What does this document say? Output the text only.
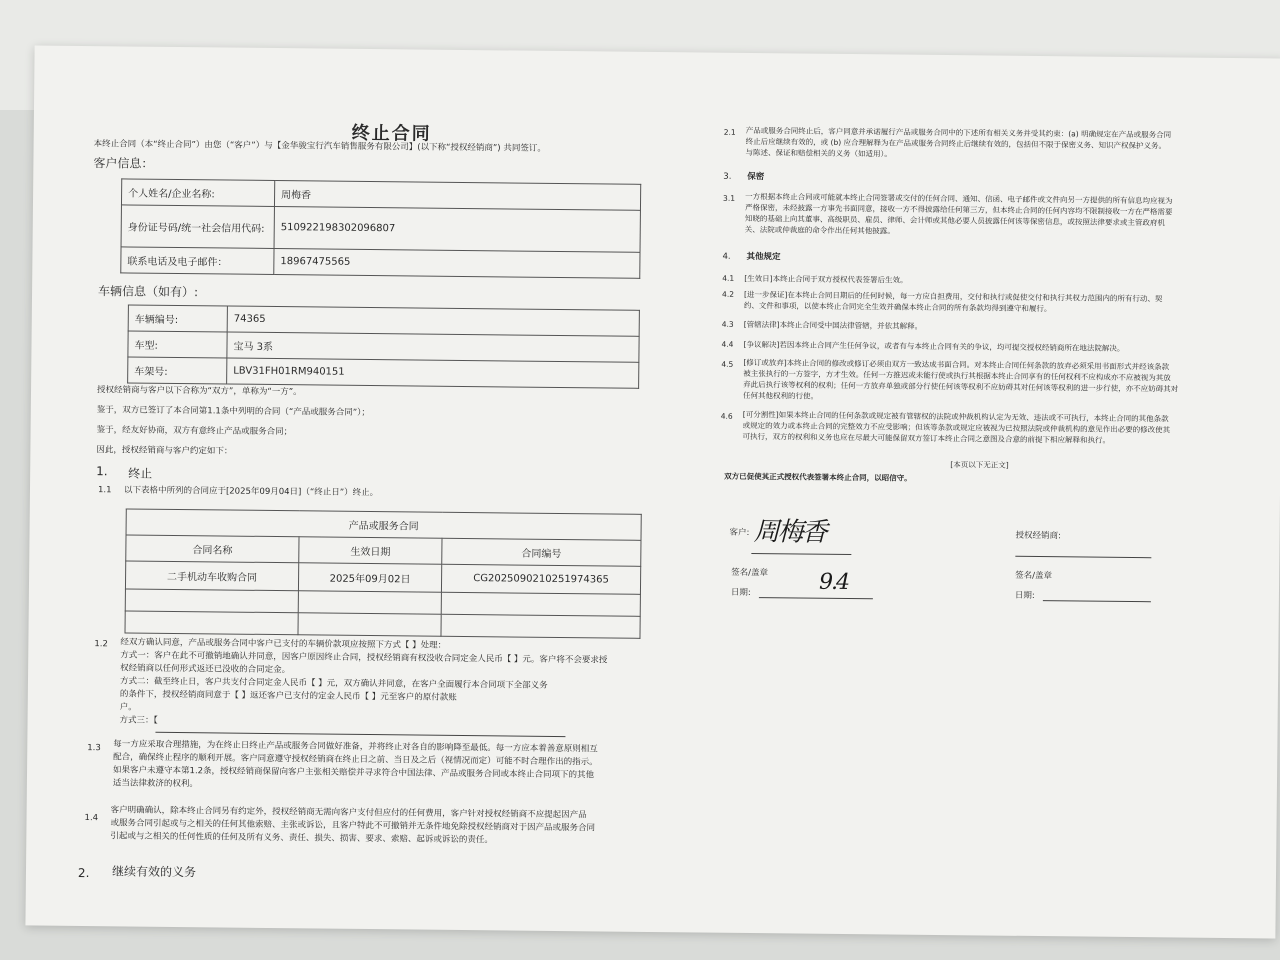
终止合同
本终止合同（本“终止合同”）由您（“客户”）与【金华骏宝行汽车销售服务有限公司】(以下称“授权经销商”) 共同签订。
客户信息：
个人姓名/企业名称:	周梅香
身份证号码/统一社会信用代码:	510922198302096807
联系电话及电子邮件：	18967475565
车辆信息（如有）:
车辆编号:	74365
车型:	宝马 3系
车架号:	LBV31FH01RM940151
授权经销商与客户以下合称为“双方”，单称为“一方”。
鉴于，双方已签订了本合同第1.1条中列明的合同（“产品或服务合同”）；
鉴于，经友好协商，双方有意终止产品或服务合同；
因此，授权经销商与客户约定如下：
1. 终止
1.1 以下表格中所列的合同应于[2025年09月04日]（“终止日”）终止。
产品或服务合同		
合同名称	生效日期	合同编号
二手机动车收购合同	2025年09月02日	CG202509021025197436​5

1.2 经双方确认同意，产品或服务合同中客户已支付的车辆价款项应按照下方式【 】处理：
方式一：客户在此不可撤销地确认并同意，因客户原因终止合同，授权经销商有权没收合同定金人民币【 】元。客户将不会要求授
权经销商以任何形式返还已没收的合同定金。
方式二：截至终止日，客户共支付合同定金人民币【 】元，双方确认并同意，在客户全面履行本合同项下全部义务
的条件下，授权经销商同意于【 】返还客户已支付的定金人民币【 】元至客户的原付款账
户。
方式三：【
1.3 每一方应采取合理措施，为在终止日终止产品或服务合同做好准备，并将终止对各自的影响降至最低。每一方应本着善意原则相互
配合，确保终止程序的顺利开展。客户同意遵守授权经销商在终止日之前、当日及之后（视情况而定）可能不时合理作出的指示。
如果客户未遵守本第1.2条，授权经销商保留向客户主张相关赔偿并寻求符合中国法律、产品或服务合同或本终止合同项下的其他
适当法律救济的权利。
1.4 客户明确确认，除本终止合同另有约定外，授权经销商无需向客户支付但应付的任何费用，客户针对授权经销商不应提起因产品
或服务合同引起或与之相关的任何其他索赔、主张或诉讼，且客户特此不可撤销并无条件地免除授权经销商对于因产品或服务合同
引起或与之相关的任何性质的任何及所有义务、责任、损失、损害、要求、索赔、起诉或诉讼的责任。
2. 继续有效的义务
2.1 产品或服务合同终止后，客户同意并承诺履行产品或服务合同中的下述所有相关义务并受其约束：(a) 明确规定在产品或服务合同
终止后应继续有效的，或 (b) 应合理解释为在产品或服务合同终止后继续有效的，包括但不限于保密义务、知识产权保护义务。
与陈述、保证和赔偿相关的义务（如适用）。
3. 保密
3.1 一方根据本终止合同或可能就本终止合同签署或交付的任何合同、通知、信函、电子邮件或文件向另一方提供的所有信息均应视为
严格保密，未经披露一方事先书面同意，接收一方不得披露给任何第三方，但本终止合同的任何内容均不限制接收一方在严格需要
知晓的基础上向其董事、高级职员、雇员、律师、会计师或其他必要人员披露任何该等保密信息，或按照法律要求或主管政府机
关、法院或仲裁庭的命令作出任何其他披露。
4. 其他规定
4.1 [生效日]本终止合同于双方授权代表签署后生效。
4.2 [进一步保证]在本终止合同日期后的任何时候，每一方应自担费用，交付和执行或促使交付和执行其权力范围内的所有行动、契
约、文件和事项，以使本终止合同完全生效并确保本终止合同的所有条款均得到遵守和履行。
4.3 [管辖法律]本终止合同受中国法律管辖，并依其解释。
4.4 [争议解决]若因本终止合同产生任何争议，或者有与本终止合同有关的争议，均可提交授权经销商所在地法院解决。
4.5 [修订或放弃]本终止合同的修改或修订必须由双方一致达成书面合同。对本终止合同任何条款的放弃必须采用书面形式并经该条款
被主张执行的一方签字，方才生效。任何一方推迟或未能行使或执行其根据本终止合同享有的任何权利不应构成亦不应被视为其放
弃此后执行该等权利的权利；任何一方放弃单独或部分行使任何该等权利不应妨碍其对任何该等权利的进一步行使，亦不应妨碍其对
任何其他权利的行使。
4.6 [可分割性]如果本终止合同的任何条款或规定被有管辖权的法院或仲裁机构认定为无效、违法或不可执行，本终止合同的其他条款
或规定的效力或本终止合同的完整效力不应受影响；但该等条款或规定应被视为已按照法院或仲裁机构的意见作出必要的修改使其
可执行，双方的权利和义务也应在尽最大可能保留双方签订本终止合同之意图及合意的前提下相应解释和执行。
[本页以下无正文]
双方已促使其正式授权代表签署本终止合同，以昭信守。
客户: 周梅香
签名/盖章
日期:	9.4
授权经销商:
签名/盖章
日期:
